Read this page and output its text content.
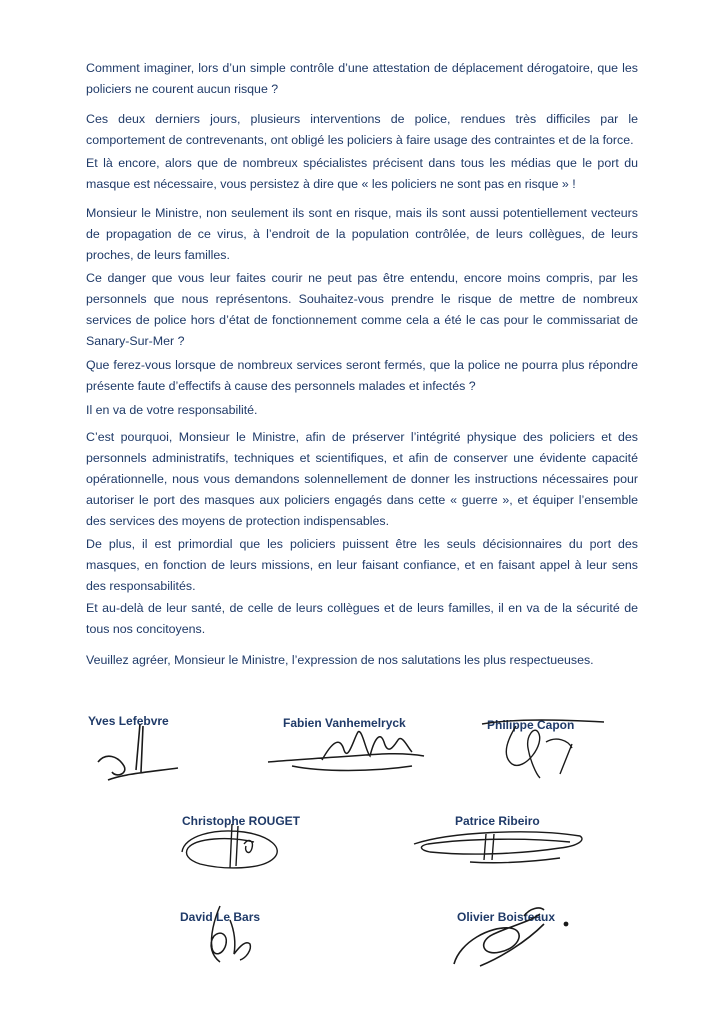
Comment imaginer, lors d’un simple contrôle d’une attestation de déplacement dérogatoire, que les policiers ne courent aucun risque ?

Ces deux derniers jours, plusieurs interventions de police, rendues très difficiles par le comportement de contrevenants, ont obligé les policiers à faire usage des contraintes et de la force.

Et là encore, alors que de nombreux spécialistes précisent dans tous les médias que le port du masque est nécessaire, vous persistez à dire que « les policiers ne sont pas en risque » !

Monsieur le Ministre, non seulement ils sont en risque, mais ils sont aussi potentiellement vecteurs de propagation de ce virus, à l’endroit de la population contrôlée, de leurs collègues, de leurs proches, de leurs familles.

Ce danger que vous leur faites courir ne peut pas être entendu, encore moins compris, par les personnels que nous représentons. Souhaitez-vous prendre le risque de mettre de nombreux services de police hors d’état de fonctionnement comme cela a été le cas pour le commissariat de Sanary-Sur-Mer ?

Que ferez-vous lorsque de nombreux services seront fermés, que la police ne pourra plus répondre présente faute d’effectifs à cause des personnels malades et infectés ?

Il en va de votre responsabilité.

C’est pourquoi, Monsieur le Ministre, afin de préserver l’intégrité physique des policiers et des personnels administratifs, techniques et scientifiques, et afin de conserver une évidente capacité opérationnelle, nous vous demandons solennellement de donner les instructions nécessaires pour autoriser le port des masques aux policiers engagés dans cette « guerre », et équiper l’ensemble des services des moyens de protection indispensables.

De plus, il est primordial que les policiers puissent être les seuls décisionnaires du port des masques, en fonction de leurs missions, en leur faisant confiance, et en faisant appel à leur sens des responsabilités.

Et au-delà de leur santé, de celle de leurs collègues et de leurs familles, il en va de la sécurité de tous nos concitoyens.

Veuillez agréer, Monsieur le Ministre, l’expression de nos salutations les plus respectueuses.

Yves Lefebvre	Fabien Vanhemelryck	Philippe Capon
Christophe ROUGET	Patrice Ribeiro
David Le Bars	Olivier Boisteaux
